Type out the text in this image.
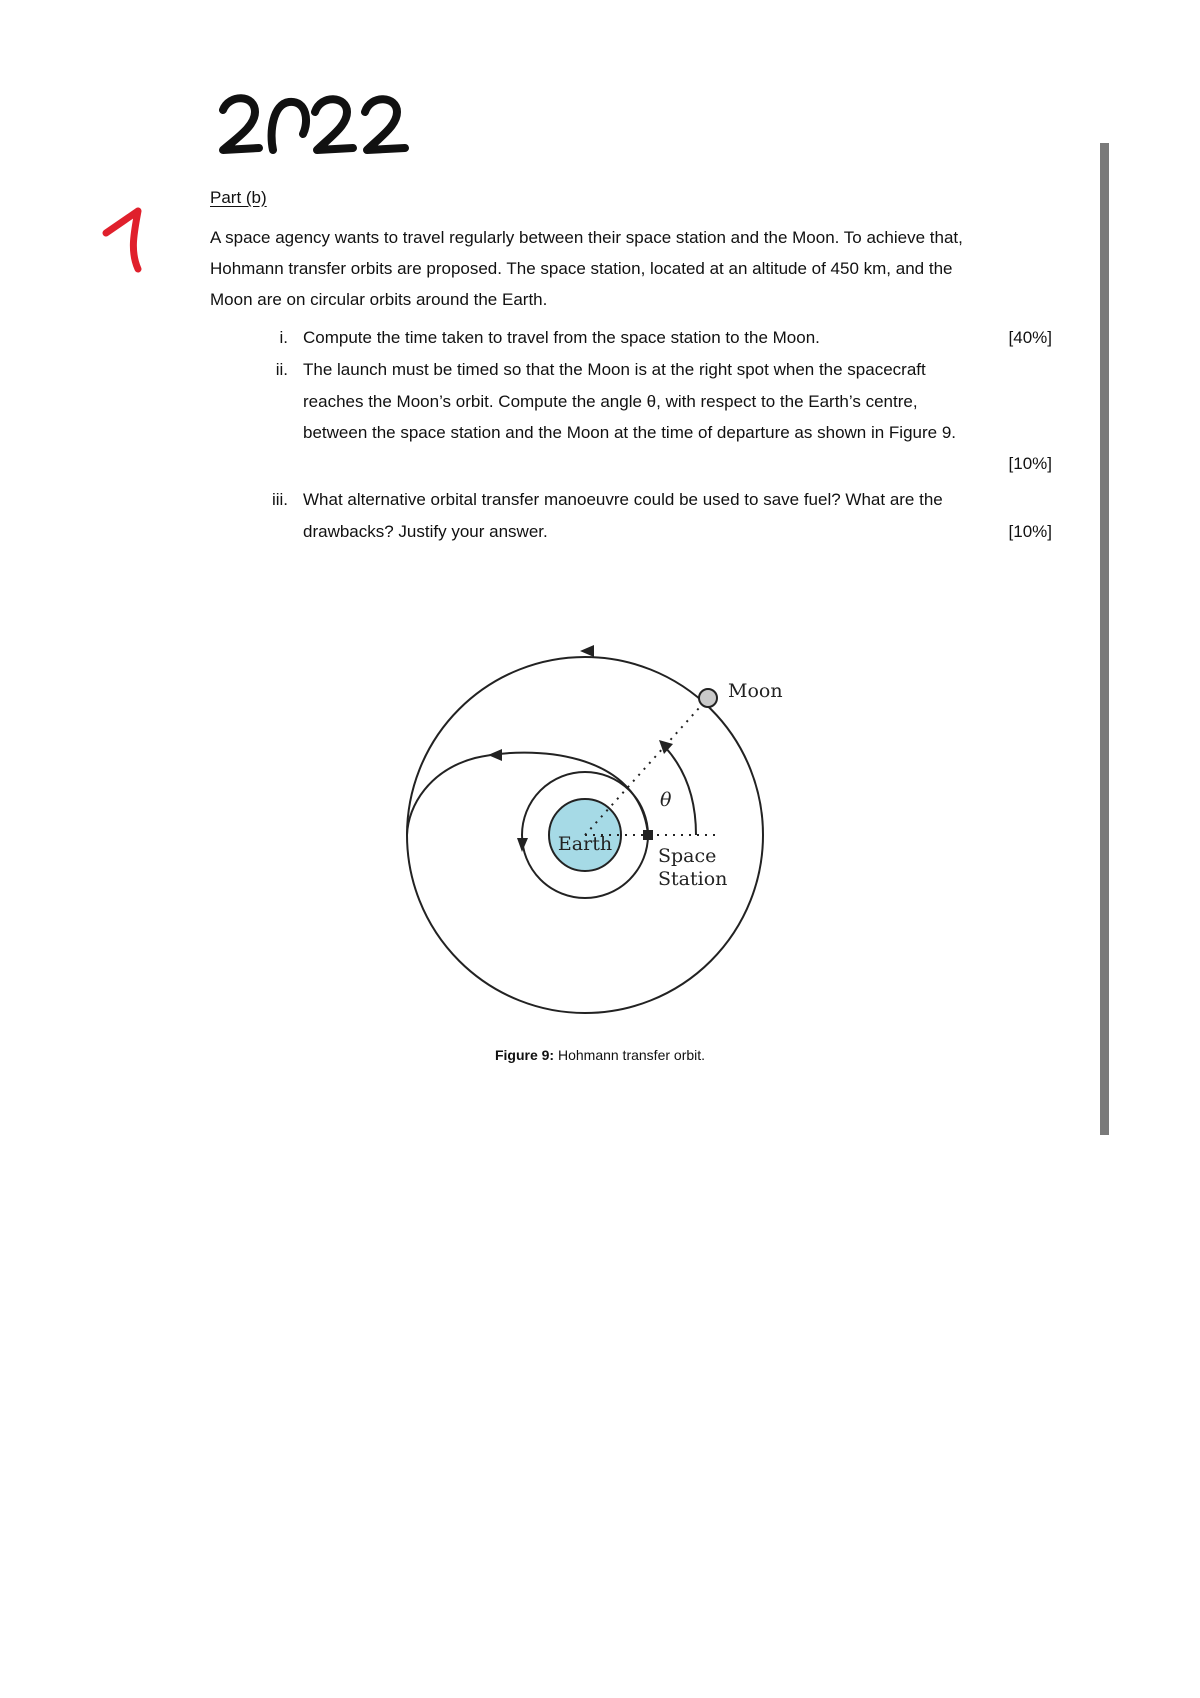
Part (b)
A space agency wants to travel regularly between their space station and the Moon. To achieve that, Hohmann transfer orbits are proposed. The space station, located at an altitude of 450 km, and the Moon are on circular orbits around the Earth.
i. Compute the time taken to travel from the space station to the Moon.	[40%]
ii. The launch must be timed so that the Moon is at the right spot when the spacecraft reaches the Moon’s orbit. Compute the angle θ, with respect to the Earth’s centre, between the space station and the Moon at the time of departure as shown in Figure 9.
[10%]
iii. What alternative orbital transfer manoeuvre could be used to save fuel? What are the drawbacks? Justify your answer.	[10%]
Moon
Earth
θ
Space
Station
Figure 9: Hohmann transfer orbit.
